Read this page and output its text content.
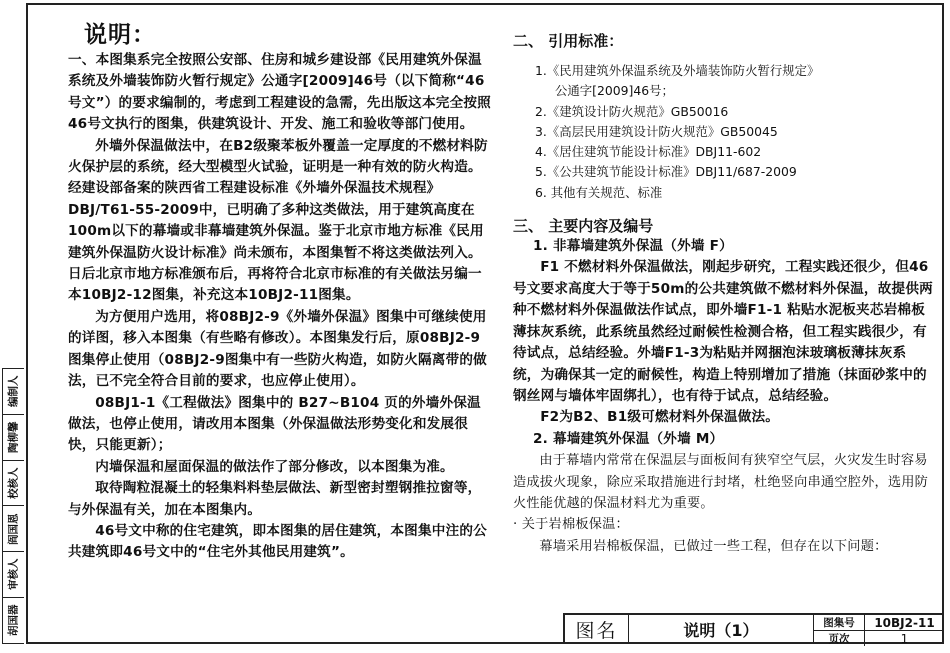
编制人
陶柳馨
校核人
阎国恩
审核人
胡国器
说明：

一、本图集系完全按照公安部、住房和城乡建设部《民用建筑外保温系统及外墙装饰防火暂行规定》公通字[2009]46号（以下简称“46号文”）的要求编制的，考虑到工程建设的急需，先出版这本完全按照46号文执行的图集，供建筑设计、开发、施工和验收等部门使用。

外墙外保温做法中，在B2级聚苯板外覆盖一定厚度的不燃材料防火保护层的系统，经大型模型火试验，证明是一种有效的防火构造。经建设部备案的陕西省工程建设标准《外墙外保温技术规程》DBJ/T61-55-2009中，已明确了多种这类做法，用于建筑高度在100m以下的幕墙或非幕墙建筑外保温。鉴于北京市地方标准《民用建筑外保温防火设计标准》尚未颁布，本图集暂不将这类做法列入。日后北京市地方标准颁布后，再将符合北京市标准的有关做法另编一本10BJ2-12图集，补充这本10BJ2-11图集。

为方便用户选用，将08BJ2-9《外墙外保温》图集中可继续使用的详图，移入本图集（有些略有修改）。本图集发行后，原08BJ2-9图集停止使用（08BJ2-9图集中有一些防火构造，如防火隔离带的做法，已不完全符合目前的要求，也应停止使用）。

08BJ1-1《工程做法》图集中的 B27~B104 页的外墙外保温做法，也停止使用，请改用本图集（外保温做法形势变化和发展很快，只能更新）；

内墙保温和屋面保温的做法作了部分修改，以本图集为准。

取待陶粒混凝土的轻集料料垫层做法、新型密封塑钢推拉窗等，与外保温有关，加在本图集内。

46号文中称的住宅建筑，即本图集的居住建筑，本图集中注的公共建筑即46号文中的“住宅外其他民用建筑”。

二、 引用标准：

1.《民用建筑外保温系统及外墙装饰防火暂行规定》
公通字[2009]46号；
2.《建筑设计防火规范》GB50016
3.《高层民用建筑设计防火规范》GB50045
4.《居住建筑节能设计标准》DBJ11-602
5.《公共建筑节能设计标准》DBJ11/687-2009
6. 其他有关规范、标准

三、 主要内容及编号

1. 非幕墙建筑外保温（外墙 F）

F1 不燃材料外保温做法，刚起步研究，工程实践还很少，但46号文要求高度大于等于50m的公共建筑做不燃材料外保温，故提供两种不燃材料外保温做法作试点，即外墙F1-1 粘贴水泥板夹芯岩棉板薄抹灰系统，此系统虽然经过耐候性检测合格，但工程实践很少，有待试点，总结经验。外墙F1-3为粘贴并网捆泡沫玻璃板薄抹灰系统，为确保其一定的耐候性，构造上特别增加了措施（抹面砂浆中的钢丝网与墙体牢固绑扎），也有待于试点，总结经验。

F2为B2、B1级可燃材料外保温做法。

2. 幕墙建筑外保温（外墙 M）

由于幕墙内常常在保温层与面板间有狭窄空气层，火灾发生时容易造成拔火现象，除应采取措施进行封堵，杜绝竖向串通空腔外，选用防火性能优越的保温材料尤为重要。

· 关于岩棉板保温：

幕墙采用岩棉板保温，已做过一些工程，但存在以下问题：

图名	说明（1）	图集号	10BJ2-11
页次	1
